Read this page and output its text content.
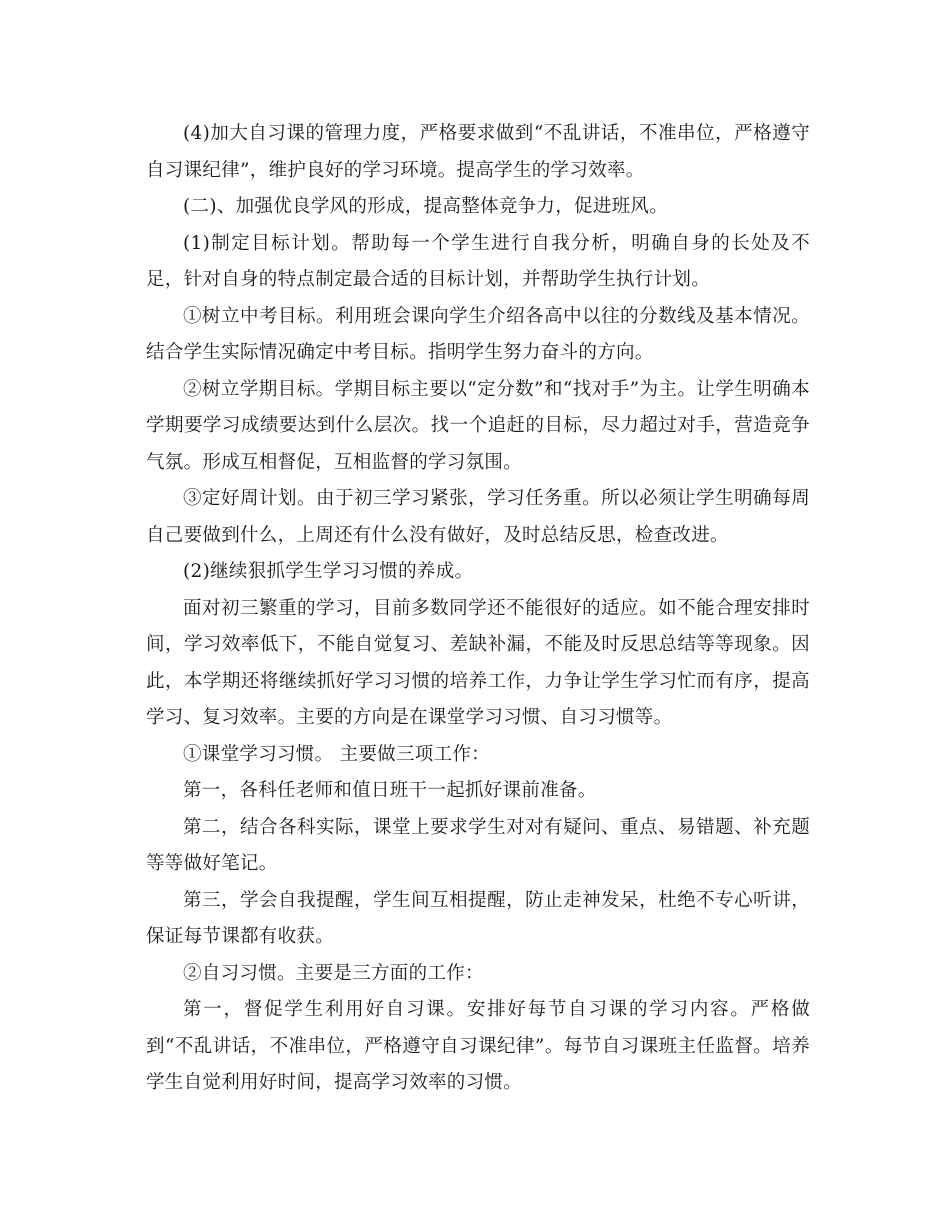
(4)加大自习课的管理力度，严格要求做到“不乱讲话，不准串位，严格遵守自习课纪律”，维护良好的学习环境。提高学生的学习效率。

(二)、加强优良学风的形成，提高整体竞争力，促进班风。

(1)制定目标计划。帮助每一个学生进行自我分析，明确自身的长处及不足，针对自身的特点制定最合适的目标计划，并帮助学生执行计划。

①树立中考目标。利用班会课向学生介绍各高中以往的分数线及基本情况。结合学生实际情况确定中考目标。指明学生努力奋斗的方向。

②树立学期目标。学期目标主要以“定分数”和“找对手”为主。让学生明确本学期要学习成绩要达到什么层次。找一个追赶的目标，尽力超过对手，营造竞争气氛。形成互相督促，互相监督的学习氛围。

③定好周计划。由于初三学习紧张，学习任务重。所以必须让学生明确每周自己要做到什么，上周还有什么没有做好，及时总结反思，检查改进。

(2)继续狠抓学生学习习惯的养成。

面对初三繁重的学习，目前多数同学还不能很好的适应。如不能合理安排时间，学习效率低下，不能自觉复习、差缺补漏，不能及时反思总结等等现象。因此，本学期还将继续抓好学习习惯的培养工作，力争让学生学习忙而有序，提高学习、复习效率。主要的方向是在课堂学习习惯、自习习惯等。

①课堂学习习惯。 主要做三项工作：

第一，各科任老师和值日班干一起抓好课前准备。

第二，结合各科实际，课堂上要求学生对对有疑问、重点、易错题、补充题等等做好笔记。

第三，学会自我提醒，学生间互相提醒，防止走神发呆，杜绝不专心听讲，保证每节课都有收获。

②自习习惯。主要是三方面的工作：

第一，督促学生利用好自习课。安排好每节自习课的学习内容。严格做到“不乱讲话，不准串位，严格遵守自习课纪律”。每节自习课班主任监督。培养学生自觉利用好时间，提高学习效率的习惯。
